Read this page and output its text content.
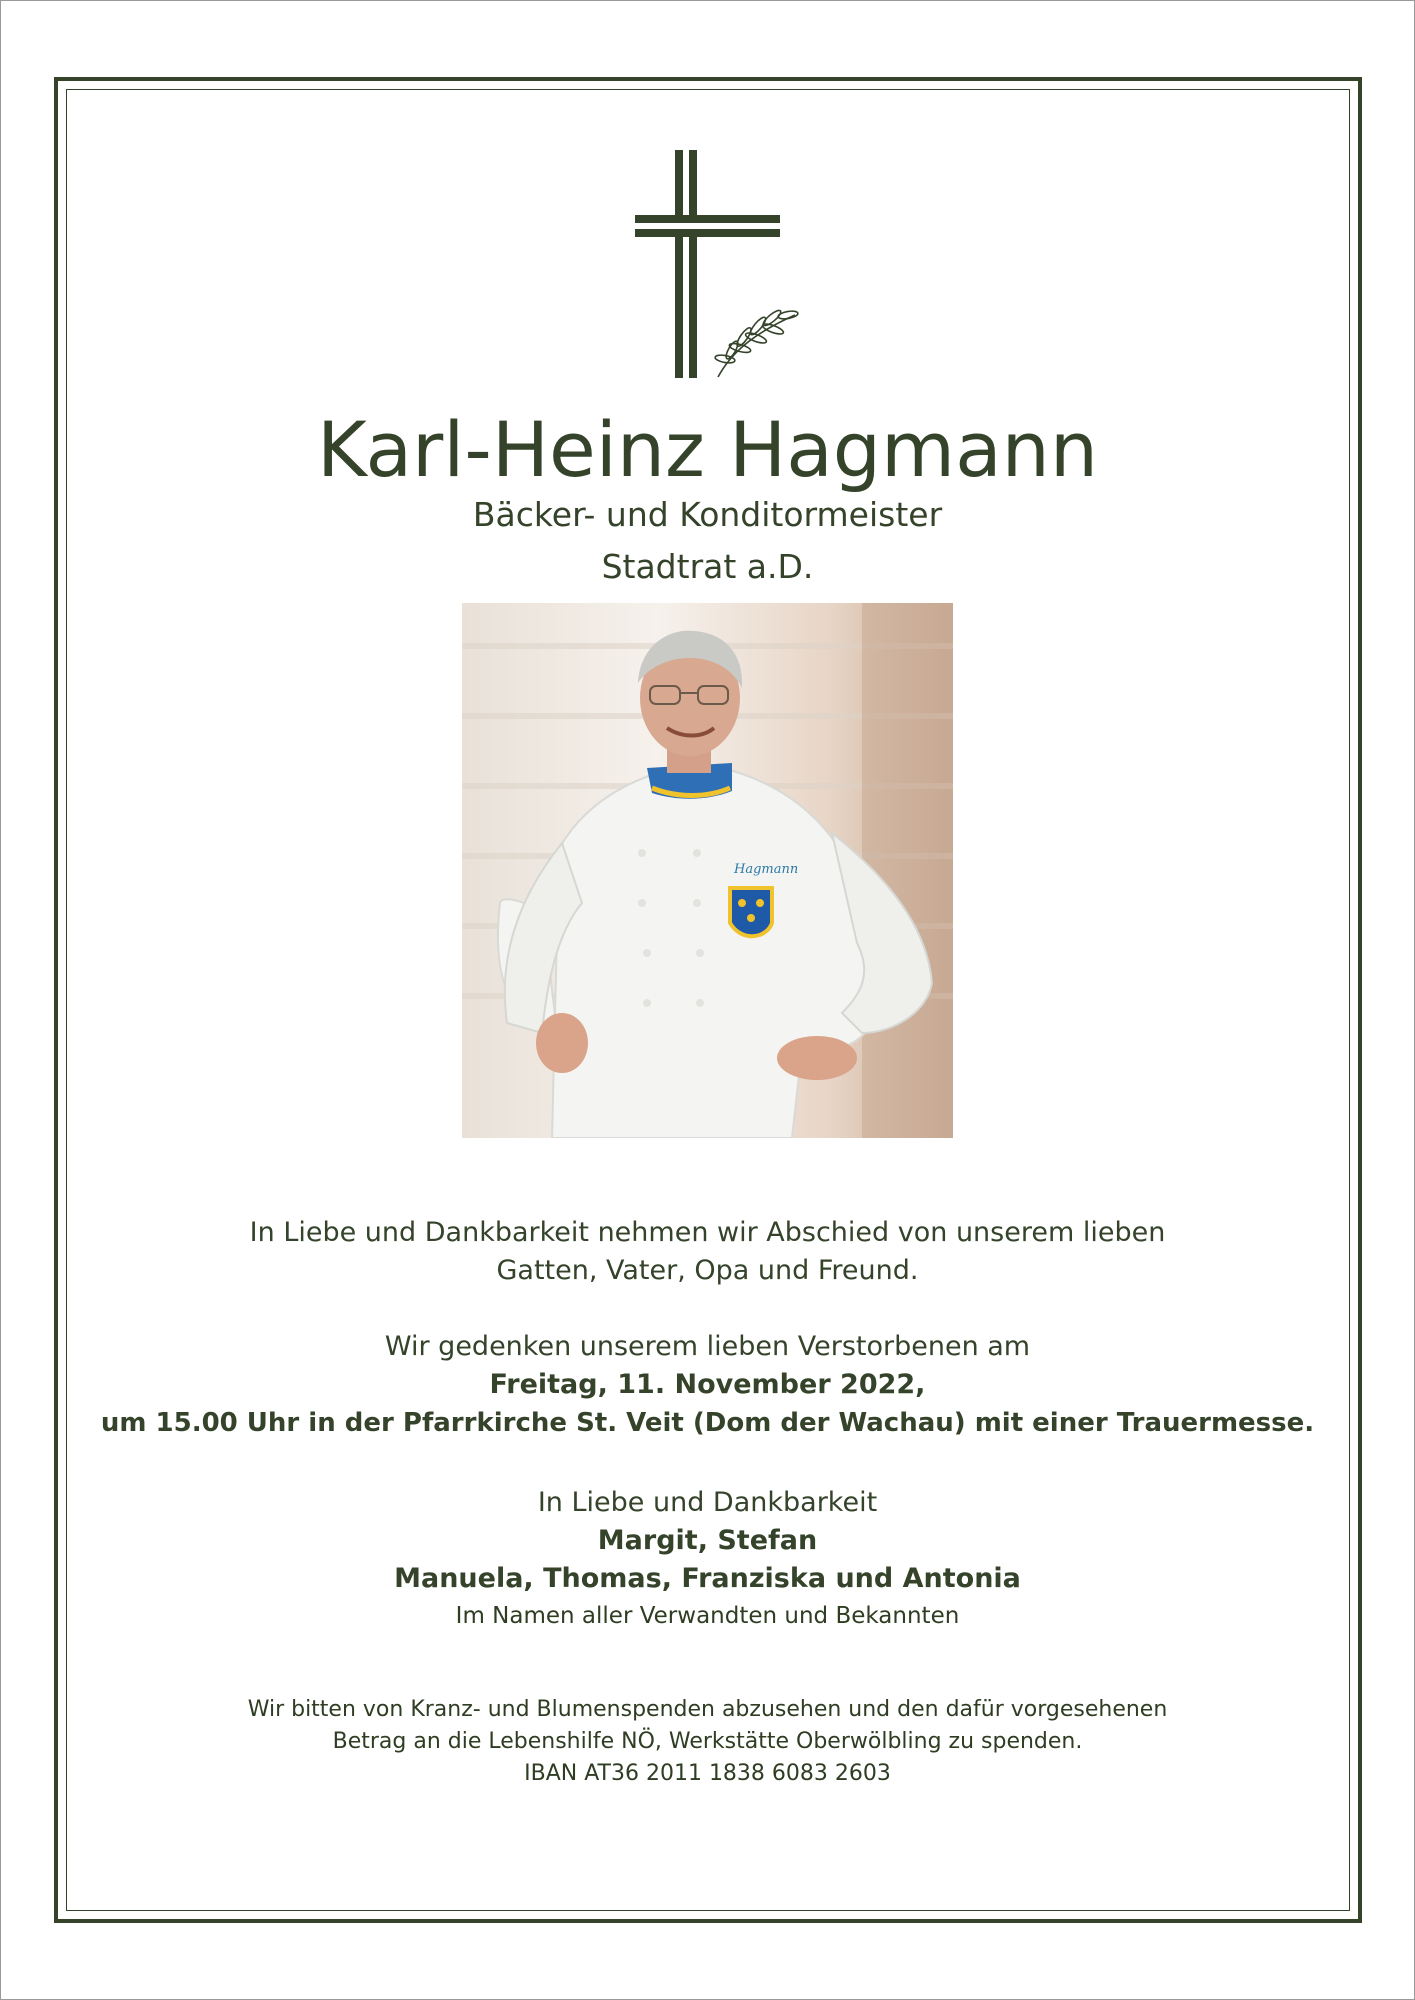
Karl-Heinz Hagmann
Bäcker- und Konditormeister
Stadtrat a.D.
Hagmann
In Liebe und Dankbarkeit nehmen wir Abschied von unserem lieben
Gatten, Vater, Opa und Freund.
Wir gedenken unserem lieben Verstorbenen am
Freitag, 11. November 2022,
um 15.00 Uhr in der Pfarrkirche St. Veit (Dom der Wachau) mit einer Trauermesse.
In Liebe und Dankbarkeit
Margit, Stefan
Manuela, Thomas, Franziska und Antonia
Im Namen aller Verwandten und Bekannten
Wir bitten von Kranz- und Blumenspenden abzusehen und den dafür vorgesehenen
Betrag an die Lebenshilfe NÖ, Werkstätte Oberwölbling zu spenden.
IBAN AT36 2011 1838 6083 2603
